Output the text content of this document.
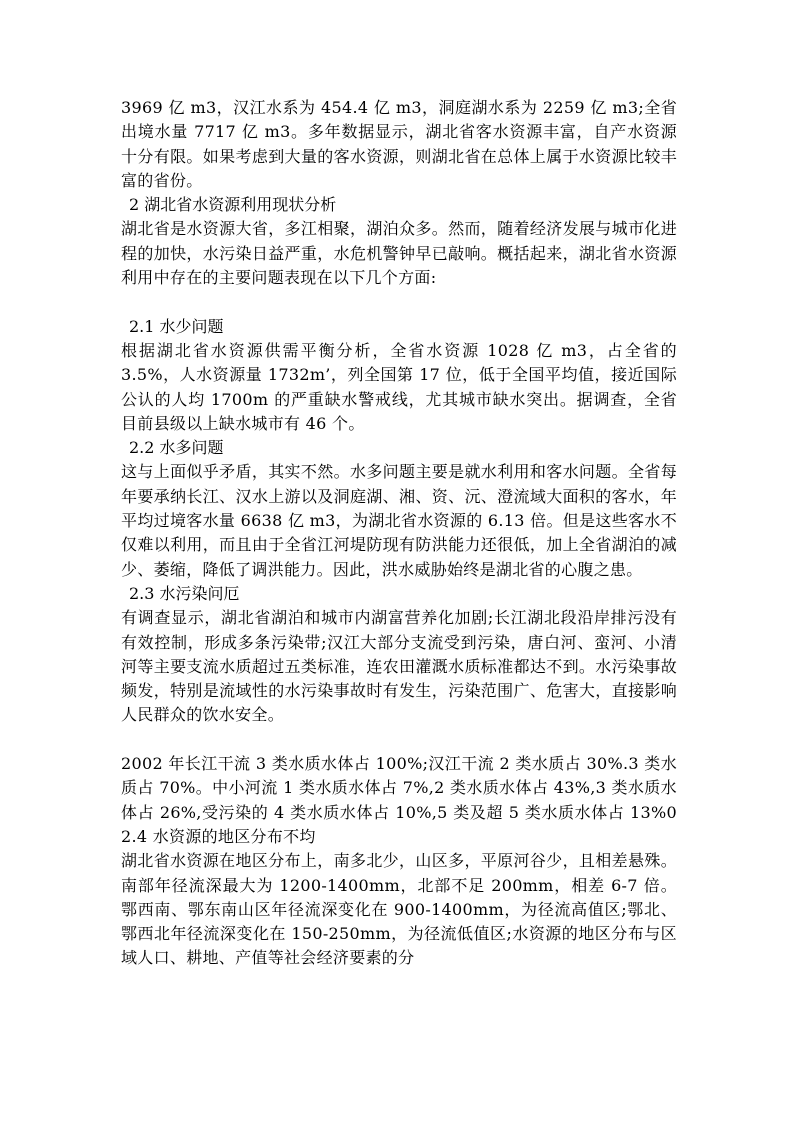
3969 亿 m3，汉江水系为 454.4 亿 m3，洞庭湖水系为 2259 亿 m3;全省出境水量 7717 亿 m3。多年数据显示，湖北省客水资源丰富，自产水资源十分有限。如果考虑到大量的客水资源，则湖北省在总体上属于水资源比较丰富的省份。

2 湖北省水资源利用现状分析

湖北省是水资源大省，多江相聚，湖泊众多。然而，随着经济发展与城市化进程的加快，水污染日益严重，水危机警钟早已敲响。概括起来，湖北省水资源利用中存在的主要问题表现在以下几个方面:

2.1 水少问题

根据湖北省水资源供需平衡分析，全省水资源 1028 亿 m3，占全省的 3.5%，人水资源量 1732m’，列全国第 17 位，低于全国平均值，接近国际公认的人均 1700m 的严重缺水警戒线，尤其城市缺水突出。据调查，全省目前县级以上缺水城市有 46 个。

2.2 水多问题

这与上面似乎矛盾，其实不然。水多问题主要是就水利用和客水问题。全省每年要承纳长江、汉水上游以及洞庭湖、湘、资、沅、澄流域大面积的客水，年平均过境客水量 6638 亿 m3，为湖北省水资源的 6.13 倍。但是这些客水不仅难以利用，而且由于全省江河堤防现有防洪能力还很低，加上全省湖泊的减少、萎缩，降低了调洪能力。因此，洪水威胁始终是湖北省的心腹之患。

2.3 水污染问厄

有调查显示，湖北省湖泊和城市内湖富营养化加剧;长江湖北段沿岸排污没有有效控制，形成多条污染带;汉江大部分支流受到污染，唐白河、蛮河、小清河等主要支流水质超过五类标准，连农田灌溉水质标准都达不到。水污染事故频发，特别是流域性的水污染事故时有发生，污染范围广、危害大，直接影响人民群众的饮水安全。

2002 年长江干流 3 类水质水体占 100%;汉江干流 2 类水质占 30%.3 类水质占 70%。中小河流 1 类水质水体占 7%,2 类水质水体占 43%,3 类水质水体占 26%,受污染的 4 类水质水体占 10%,5 类及超 5 类水质水体占 13%0 2.4 水资源的地区分布不均

湖北省水资源在地区分布上，南多北少，山区多，平原河谷少，且相差悬殊。南部年径流深最大为 1200-1400mm，北部不足 200mm，相差 6-7 倍。鄂西南、鄂东南山区年径流深变化在 900-1400mm，为径流高值区;鄂北、鄂西北年径流深变化在 150-250mm，为径流低值区;水资源的地区分布与区域人口、耕地、产值等社会经济要素的分
